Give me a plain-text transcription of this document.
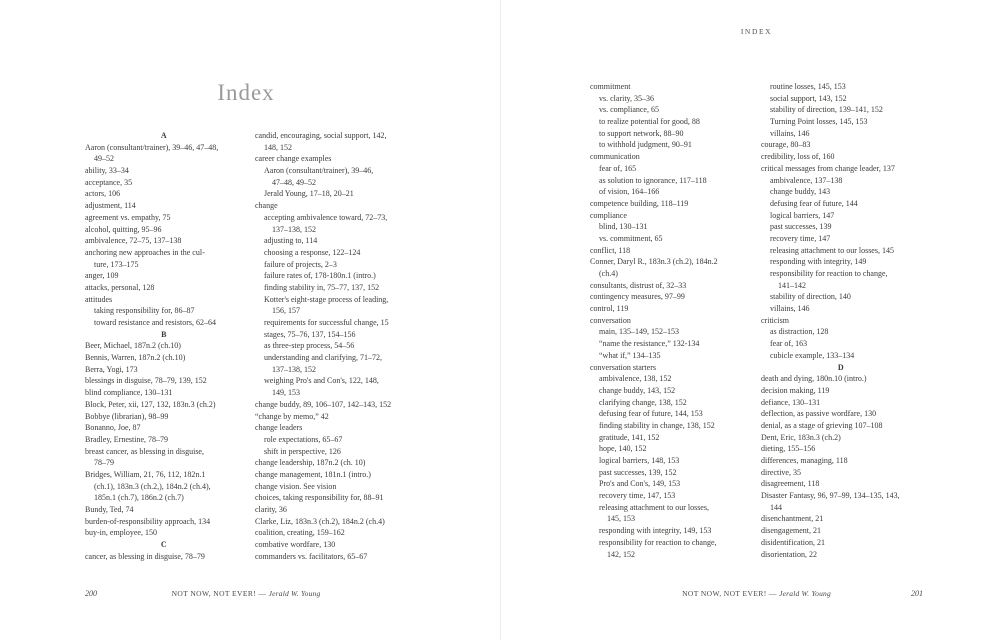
Index
A
Aaron (consultant/trainer), 39–46, 47–48,
49–52
ability, 33–34
acceptance, 35
actors, 106
adjustment, 114
agreement vs. empathy, 75
alcohol, quitting, 95–96
ambivalence, 72–75, 137–138
anchoring new approaches in the cul-
ture, 173–175
anger, 109
attacks, personal, 128
attitudes
taking responsibility for, 86–87
toward resistance and resistors, 62–64
B
Beer, Michael, 187n.2 (ch.10)
Bennis, Warren, 187n.2 (ch.10)
Berra, Yogi, 173
blessings in disguise, 78–79, 139, 152
blind compliance, 130–131
Block, Peter, xii, 127, 132, 183n.3 (ch.2)
Bobbye (librarian), 98–99
Bonanno, Joe, 87
Bradley, Ernestine, 78–79
breast cancer, as blessing in disguise,
78–79
Bridges, William, 21, 76, 112, 182n.1
(ch.1), 183n.3 (ch.2,), 184n.2 (ch.4),
185n.1 (ch.7), 186n.2 (ch.7)
Bundy, Ted, 74
burden-of-responsibility approach, 134
buy-in, employee, 150
C
cancer, as blessing in disguise, 78–79
candid, encouraging, social support, 142,
148, 152
career change examples
Aaron (consultant/trainer), 39–46,
47–48, 49–52
Jerald Young, 17–18, 20–21
change
accepting ambivalence toward, 72–73,
137–138, 152
adjusting to, 114
choosing a response, 122–124
failure of projects, 2–3
failure rates of, 178-180n.1 (intro.)
finding stability in, 75–77, 137, 152
Kotter's eight-stage process of leading,
156, 157
requirements for successful change, 15
stages, 75–76, 137, 154–156
as three-step process, 54–56
understanding and clarifying, 71–72,
137–138, 152
weighing Pro's and Con's, 122, 148,
149, 153
change buddy, 89, 106–107, 142–143, 152
“change by memo,” 42
change leaders
role expectations, 65–67
shift in perspective, 126
change leadership, 187n.2 (ch. 10)
change management, 181n.1 (intro.)
change vision. See vision
choices, taking responsibility for, 88–91
clarity, 36
Clarke, Liz, 183n.3 (ch.2), 184n.2 (ch.4)
coalition, creating, 159–162
combative wordfare, 130
commanders vs. facilitators, 65–67
200	NOT NOW, NOT EVER! — Jerald W. Young
INDEX
commitment
vs. clarity, 35–36
vs. compliance, 65
to realize potential for good, 88
to support network, 88–90
to withhold judgment, 90–91
communication
fear of, 165
as solution to ignorance, 117–118
of vision, 164–166
competence building, 118–119
compliance
blind, 130–131
vs. commitment, 65
conflict, 118
Conner, Daryl R., 183n.3 (ch.2), 184n.2
(ch.4)
consultants, distrust of, 32–33
contingency measures, 97–99
control, 119
conversation
main, 135–149, 152–153
“name the resistance,” 132-134
“what if,” 134–135
conversation starters
ambivalence, 138, 152
change buddy, 143, 152
clarifying change, 138, 152
defusing fear of future, 144, 153
finding stability in change, 138, 152
gratitude, 141, 152
hope, 140, 152
logical barriers, 148, 153
past successes, 139, 152
Pro's and Con's, 149, 153
recovery time, 147, 153
releasing attachment to our losses,
145, 153
responding with integrity, 149, 153
responsibility for reaction to change,
142, 152
routine losses, 145, 153
social support, 143, 152
stability of direction, 139–141, 152
Turning Point losses, 145, 153
villains, 146
courage, 80–83
credibility, loss of, 160
critical messages from change leader, 137
ambivalence, 137–138
change buddy, 143
defusing fear of future, 144
logical barriers, 147
past successes, 139
recovery time, 147
releasing attachment to our losses, 145
responding with integrity, 149
responsibility for reaction to change,
141–142
stability of direction, 140
villains, 146
criticism
as distraction, 128
fear of, 163
cubicle example, 133–134
D
death and dying, 180n.10 (intro.)
decision making, 119
defiance, 130–131
deflection, as passive wordfare, 130
denial, as a stage of grieving 107–108
Dent, Eric, 183n.3 (ch.2)
dieting, 155–156
differences, managing, 118
directive, 35
disagreement, 118
Disaster Fantasy, 96, 97–99, 134–135, 143,
144
disenchantment, 21
disengagement, 21
disidentification, 21
disorientation, 22
NOT NOW, NOT EVER! — Jerald W. Young	201
